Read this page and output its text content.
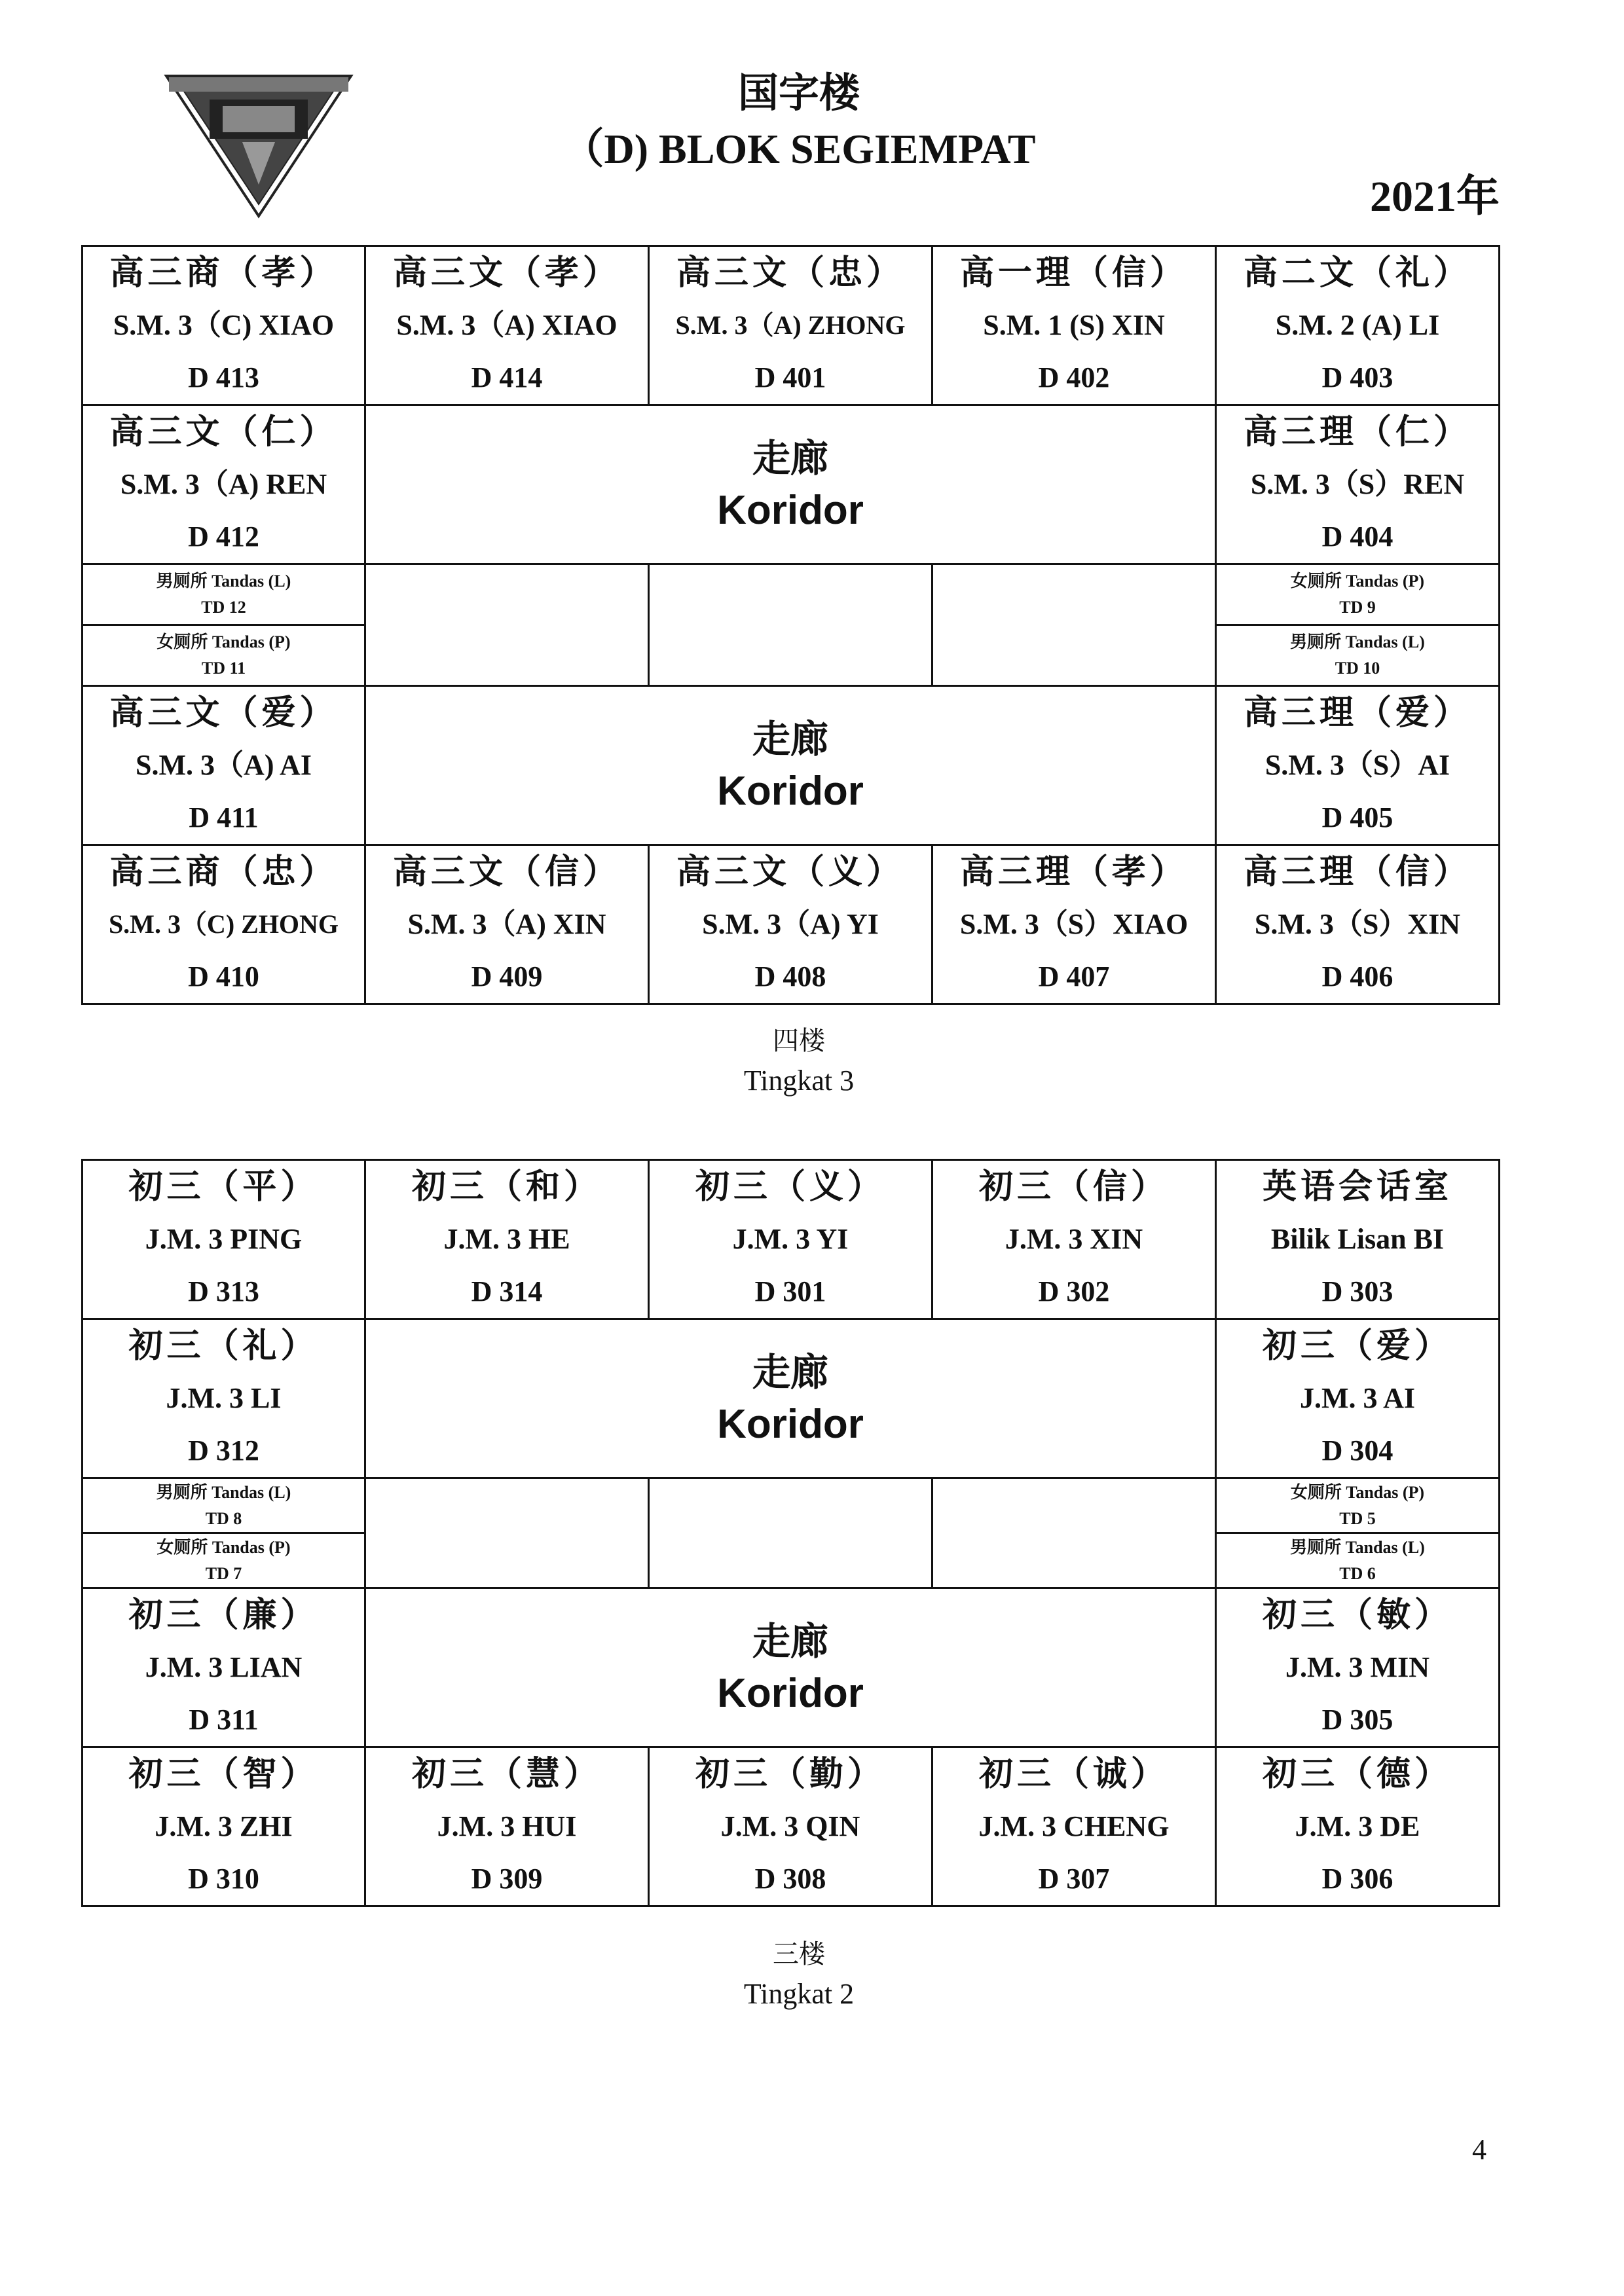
国字楼
（D) BLOK SEGIEMPAT
2021年
高三商（孝）
S.M. 3（C) XIAO
D 413	高三文（孝）
S.M. 3（A) XIAO
D 414	高三文（忠）
S.M. 3（A) ZHONG
D 401	高一理（信）
S.M. 1 (S) XIN
D 402	高二文（礼）
S.M. 2 (A) LI
D 403

高三文（仁）
S.M. 3（A) REN
D 412	走廊
Koridor			高三理（仁）
S.M. 3（S）REN
D 404

男厕所 Tandas (L)
TD 12				女厕所 Tandas (P)
TD 9

女厕所 Tandas (P)
TD 11				男厕所 Tandas (L)
TD 10

高三文（爱）
S.M. 3（A) AI
D 411	走廊
Koridor			高三理（爱）
S.M. 3（S）AI
D 405

高三商（忠）
S.M. 3（C) ZHONG
D 410	高三文（信）
S.M. 3（A) XIN
D 409	高三文（义）
S.M. 3（A) YI
D 408	高三理（孝）
S.M. 3（S）XIAO
D 407	高三理（信）
S.M. 3（S）XIN
D 406
四楼
Tingkat 3
初三（平）
J.M. 3 PING
D 313	初三（和）
J.M. 3 HE
D 314	初三（义）
J.M. 3 YI
D 301	初三（信）
J.M. 3 XIN
D 302	英语会话室
Bilik Lisan BI
D 303

初三（礼）
J.M. 3 LI
D 312	走廊
Koridor			初三（爱）
J.M. 3 AI
D 304

男厕所 Tandas (L)
TD 8				女厕所 Tandas (P)
TD 5

女厕所 Tandas (P)
TD 7				男厕所 Tandas (L)
TD 6

初三（廉）
J.M. 3 LIAN
D 311	走廊
Koridor			初三（敏）
J.M. 3 MIN
D 305

初三（智）
J.M. 3 ZHI
D 310	初三（慧）
J.M. 3 HUI
D 309	初三（勤）
J.M. 3 QIN
D 308	初三（诚）
J.M. 3 CHENG
D 307	初三（德）
J.M. 3 DE
D 306
三楼
Tingkat 2
4
